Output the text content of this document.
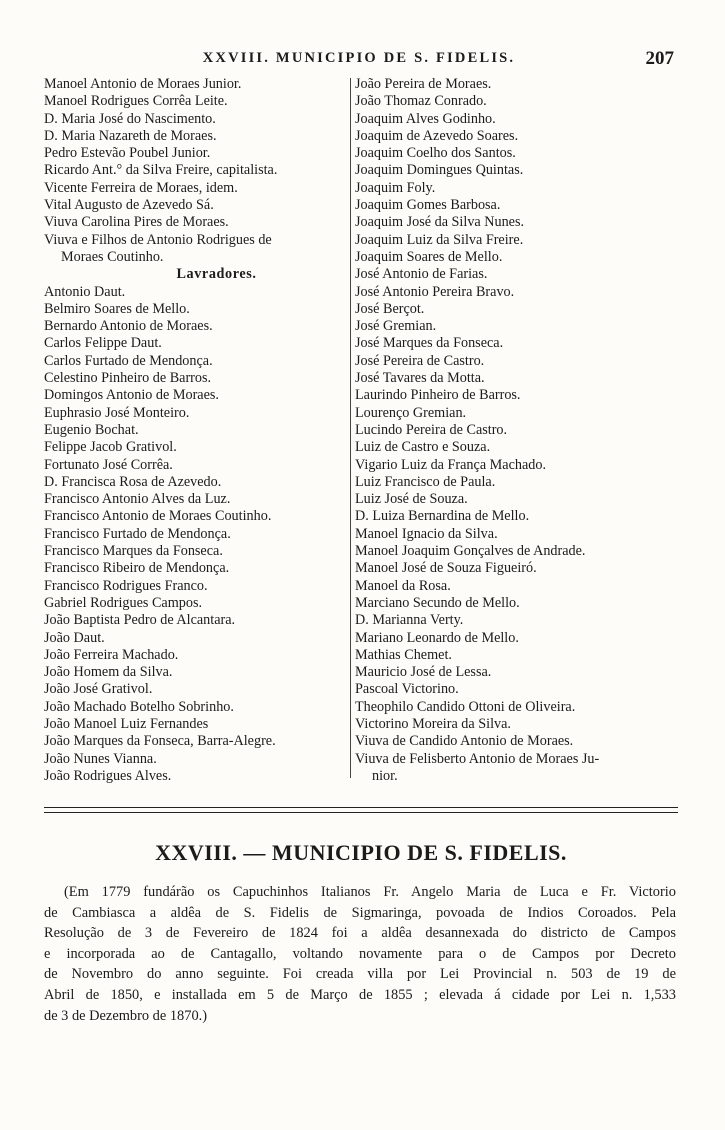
XXVIII. MUNICIPIO DE S. FIDELIS.	207
Manoel Antonio de Moraes Junior.
Manoel Rodrigues Corrêa Leite.
D. Maria José do Nascimento.
D. Maria Nazareth de Moraes.
Pedro Estevão Poubel Junior.
Ricardo Ant.° da Silva Freire, capitalista.
Vicente Ferreira de Moraes, idem.
Vital Augusto de Azevedo Sá.
Viuva Carolina Pires de Moraes.
Viuva e Filhos de Antonio Rodrigues de
Moraes Coutinho.
Lavradores.
Antonio Daut.
Belmiro Soares de Mello.
Bernardo Antonio de Moraes.
Carlos Felippe Daut.
Carlos Furtado de Mendonça.
Celestino Pinheiro de Barros.
Domingos Antonio de Moraes.
Euphrasio José Monteiro.
Eugenio Bochat.
Felippe Jacob Grativol.
Fortunato José Corrêa.
D. Francisca Rosa de Azevedo.
Francisco Antonio Alves da Luz.
Francisco Antonio de Moraes Coutinho.
Francisco Furtado de Mendonça.
Francisco Marques da Fonseca.
Francisco Ribeiro de Mendonça.
Francisco Rodrigues Franco.
Gabriel Rodrigues Campos.
João Baptista Pedro de Alcantara.
João Daut.
João Ferreira Machado.
João Homem da Silva.
João José Grativol.
João Machado Botelho Sobrinho.
João Manoel Luiz Fernandes
João Marques da Fonseca, Barra-Alegre.
João Nunes Vianna.
João Rodrigues Alves.
João Pereira de Moraes.
João Thomaz Conrado.
Joaquim Alves Godinho.
Joaquim de Azevedo Soares.
Joaquim Coelho dos Santos.
Joaquim Domingues Quintas.
Joaquim Foly.
Joaquim Gomes Barbosa.
Joaquim José da Silva Nunes.
Joaquim Luiz da Silva Freire.
Joaquim Soares de Mello.
José Antonio de Farias.
José Antonio Pereira Bravo.
José Berçot.
José Gremian.
José Marques da Fonseca.
José Pereira de Castro.
José Tavares da Motta.
Laurindo Pinheiro de Barros.
Lourenço Gremian.
Lucindo Pereira de Castro.
Luiz de Castro e Souza.
Vigario Luiz da França Machado.
Luiz Francisco de Paula.
Luiz José de Souza.
D. Luiza Bernardina de Mello.
Manoel Ignacio da Silva.
Manoel Joaquim Gonçalves de Andrade.
Manoel José de Souza Figueiró.
Manoel da Rosa.
Marciano Secundo de Mello.
D. Marianna Verty.
Mariano Leonardo de Mello.
Mathias Chemet.
Mauricio José de Lessa.
Pascoal Victorino.
Theophilo Candido Ottoni de Oliveira.
Victorino Moreira da Silva.
Viuva de Candido Antonio de Moraes.
Viuva de Felisberto Antonio de Moraes Ju-
nior.
XXVIII. — MUNICIPIO DE S. FIDELIS.
(Em 1779 fundárão os Capuchinhos Italianos Fr. Angelo Maria de Luca e Fr. Victorio
de Cambiasca a aldêa de S. Fidelis de Sigmaringa, povoada de Indios Coroados. Pela
Resolução de 3 de Fevereiro de 1824 foi a aldêa desannexada do districto de Campos
e incorporada ao de Cantagallo, voltando novamente para o de Campos por Decreto
de Novembro do anno seguinte. Foi creada villa por Lei Provincial n. 503 de 19 de
Abril de 1850, e installada em 5 de Março de 1855 ; elevada á cidade por Lei n. 1,533
de 3 de Dezembro de 1870.)
